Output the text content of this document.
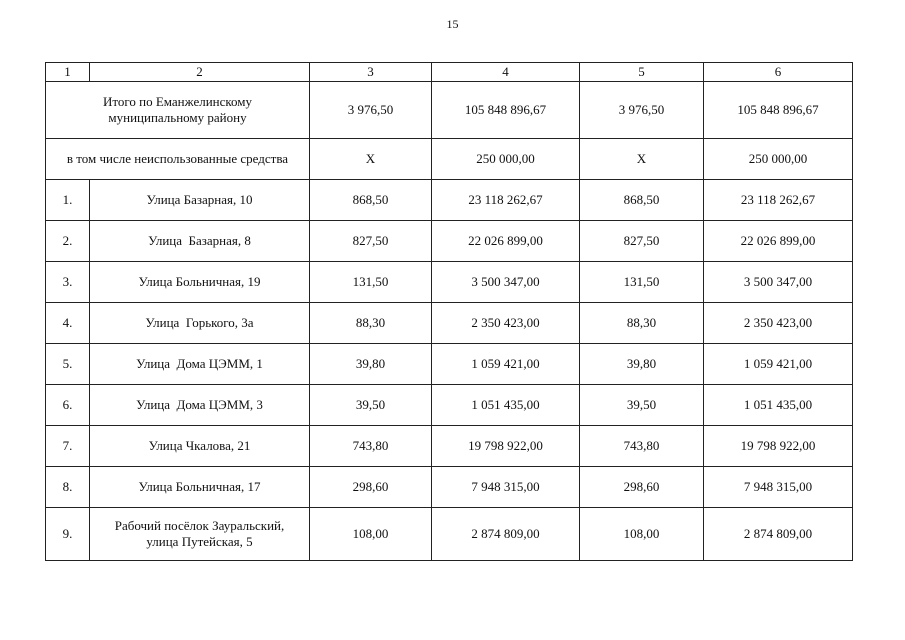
15
1	2	3	4	5	6

Итого по Еманжелинскому
муниципальному району		3 976,50	105 848 896,67	3 976,50	105 848 896,67
в том числе неиспользованные средства		Х	250 000,00	Х	250 000,00
1.	Улица Базарная, 10	868,50	23 118 262,67	868,50	23 118 262,67
2.	Улица  Базарная, 8	827,50	22 026 899,00	827,50	22 026 899,00
3.	Улица Больничная, 19	131,50	3 500 347,00	131,50	3 500 347,00
4.	Улица  Горького, 3а	88,30	2 350 423,00	88,30	2 350 423,00
5.	Улица  Дома ЦЭММ, 1	39,80	1 059 421,00	39,80	1 059 421,00
6.	Улица  Дома ЦЭММ, 3	39,50	1 051 435,00	39,50	1 051 435,00
7.	Улица Чкалова, 21	743,80	19 798 922,00	743,80	19 798 922,00
8.	Улица Больничная, 17	298,60	7 948 315,00	298,60	7 948 315,00
9.	Рабочий посёлок Зауральский,
улица Путейская, 5	108,00	2 874 809,00	108,00	2 874 809,00
